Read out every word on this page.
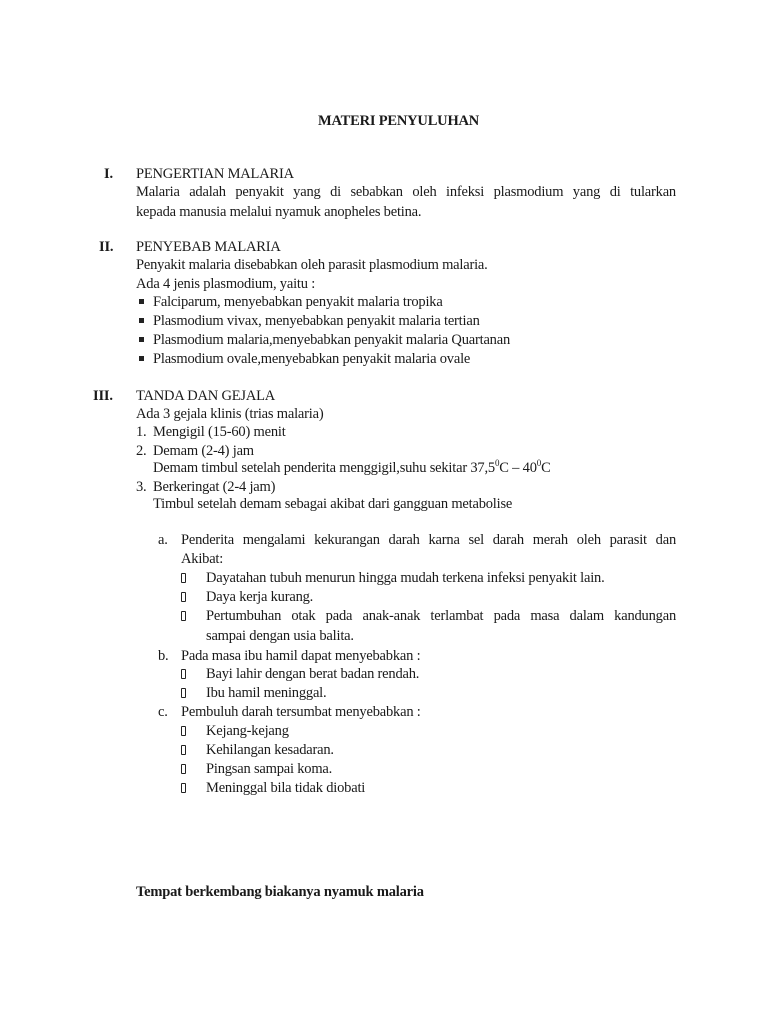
MATERI PENYULUHAN
I. PENGERTIAN MALARIA
Malaria adalah penyakit yang di sebabkan oleh infeksi plasmodium yang di tularkan
kepada manusia melalui nyamuk anopheles betina.
II. PENYEBAB MALARIA
Penyakit malaria disebabkan oleh parasit plasmodium malaria.
Ada 4 jenis plasmodium, yaitu :
Falciparum, menyebabkan penyakit malaria tropika
Plasmodium vivax, menyebabkan penyakit malaria tertian
Plasmodium malaria,menyebabkan penyakit malaria Quartanan
Plasmodium ovale,menyebabkan penyakit malaria ovale
III. TANDA DAN GEJALA
Ada 3 gejala klinis (trias malaria)
1. Mengigil (15-60) menit
2. Demam (2-4) jam
Demam timbul setelah penderita menggigil,suhu sekitar $37,5^0C - 40^0C$
3. Berkeringat (2-4 jam)
Timbul setelah demam sebagai akibat dari gangguan metabolise
a. Penderita mengalami kekurangan darah karna sel darah merah oleh parasit dan
Akibat:
Dayatahan tubuh menurun hingga mudah terkena infeksi penyakit lain.
Daya kerja kurang.
Pertumbuhan otak pada anak-anak terlambat pada masa dalam kandungan
sampai dengan usia balita.
b. Pada masa ibu hamil dapat menyebabkan :
Bayi lahir dengan berat badan rendah.
Ibu hamil meninggal.
c. Pembuluh darah tersumbat menyebabkan :
Kejang-kejang
Kehilangan kesadaran.
Pingsan sampai koma.
Meninggal bila tidak diobati
Tempat berkembang biakanya nyamuk malaria
